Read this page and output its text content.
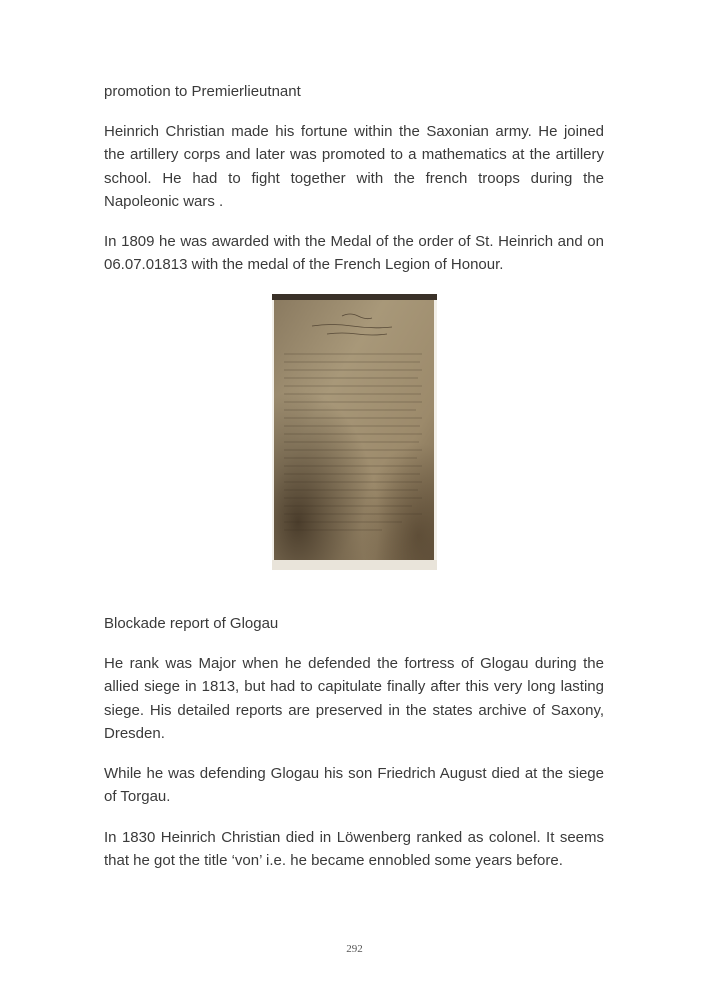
promotion to Premierlieutnant

Heinrich Christian made his fortune within the Saxonian army. He joined the artillery corps and later was promoted to a mathematics at the artillery school. He had to fight together with the french troops during the Napoleonic wars .

In 1809 he was awarded with the Medal of the order of St. Heinrich and on 06.07.01813 with the medal of the French Legion of Honour.

Blockade report of Glogau

He rank was Major when he defended the fortress of Glogau during the allied siege in 1813, but had to capitulate finally after this very long lasting siege. His detailed reports are preserved in the states archive of Saxony, Dresden.

While he was defending Glogau his son Friedrich August died at the siege of Torgau.

In 1830 Heinrich Christian died in Löwenberg ranked as colonel. It seems that he got the title ‘von’ i.e. he became ennobled some years before.

292
